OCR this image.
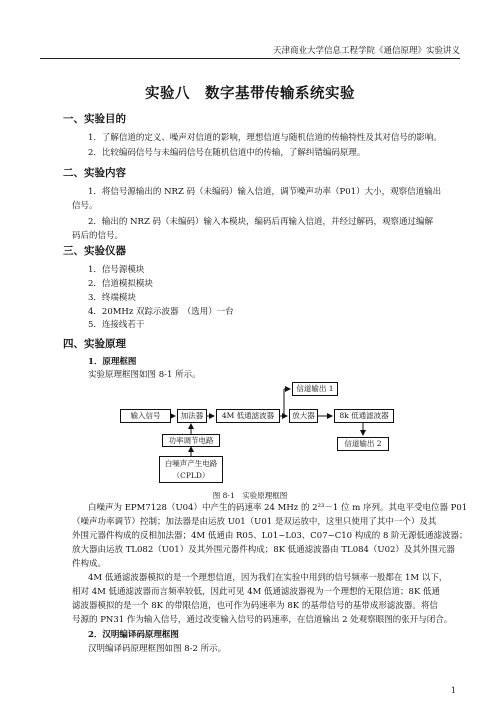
天津商业大学信息工程学院《通信原理》实验讲义
实验八　数字基带传输系统实验
一、实验目的
1．了解信道的定义、噪声对信道的影响，理想信道与随机信道的传输特性及其对信号的影响。
2．比较编码信号与未编码信号在随机信道中的传输，了解纠错编码原理。
二、实验内容
1．将信号源输出的 NRZ 码（未编码）输入信道，调节噪声功率（P01）大小，观察信道输出
信号。
2．输出的 NRZ 码（未编码）输入本模块，编码后再输入信道，并经过解码，观察通过编解
码后的信号。
三、实验仪器
1．信号源模块
2．信道模拟模块
3．终端模块
4．20MHz 双踪示波器　（选用）一台
5．连接线若干
四、实验原理
1．原理框图
实验原理框图如图 8-1 所示。
输入信号	加法器	4M 低通滤波器	放大器	8k 低通滤波器
信道输出 1
信道输出 2
功率调节电路
白噪声产生电路
（CPLD）
图 8-1　实验原理框图
白噪声为 EPM7128（U04）中产生的码速率 24 MHz 的 2²³－1 位 m 序列。其电平受电位器 P01
（噪声功率调节）控制；加法器是由运放 U01（U01 是双运放中，这里只使用了其中一个）及其
外围元器件构成的反相加法器；4M 低通由 R05、L01~L03、C07~C10 构成的 8 阶无源低通滤波器；
放大器由运放 TL082（U01）及其外围元器件构成；8K 低通滤波器由 TL084（U02）及其外围元器
件构成。
4M 低通滤波器模拟的是一个理想信道，因为我们在实验中用到的信号频率一般都在 1M 以下，
相对 4M 低通滤波器而言频率较低，因此可见 4M 低通滤波器视为一个理想的无限信道；8K 低通
滤波器模拟的是一个 8K 的带限信道，也可作为码速率为 8K 的基带信号的基带成形滤波器。将信
号源的 PN31 作为输入信号，通过改变输入信号的码速率，在信道输出 2 处观察眼图的张开与闭合。
2．汉明编译码原理框图
汉明编译码原理框图如图 8-2 所示。
1
